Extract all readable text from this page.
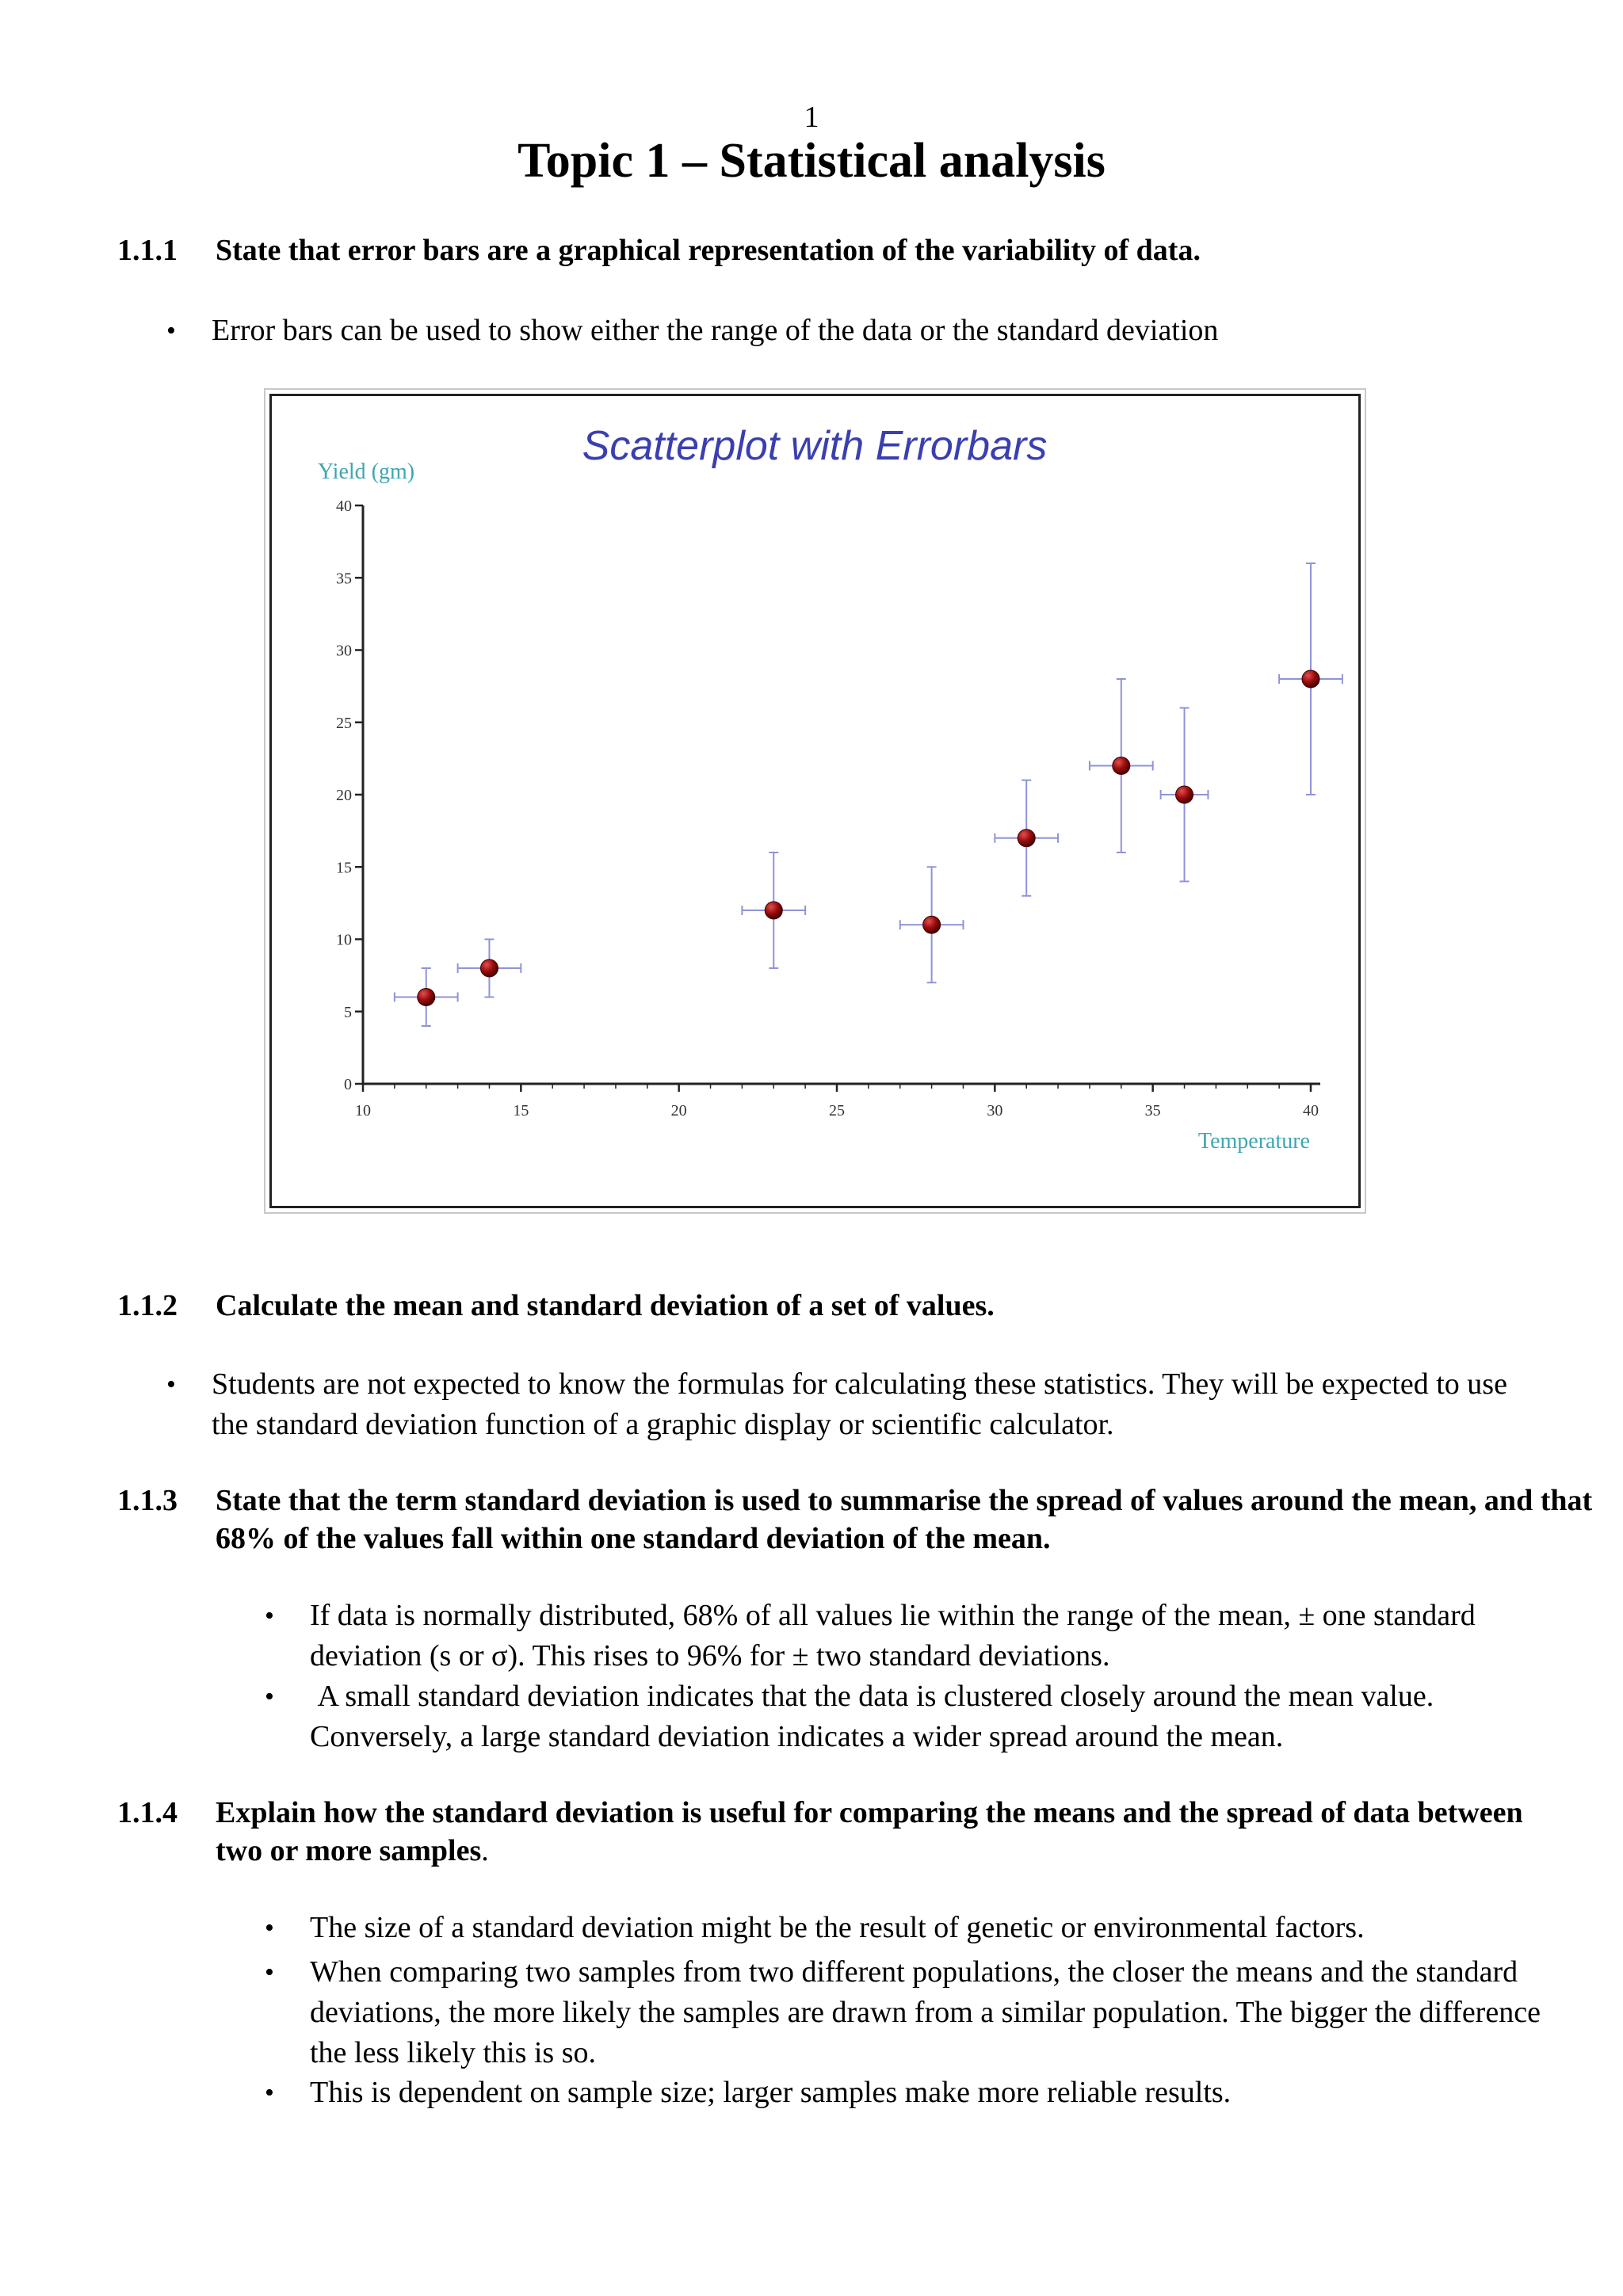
1
Topic 1 – Statistical analysis
1.1.1	State that error bars are a graphical representation of the variability of data.
• Error bars can be used to show either the range of the data or the standard deviation
Scatterplot with Errorbars
Yield (gm)
Temperature
10	15	20	25	30	35	40
0
5
10
15
20
25
30
35
40
1.1.2	Calculate the mean and standard deviation of a set of values.
• Students are not expected to know the formulas for calculating these statistics. They will be expected to use the standard deviation function of a graphic display or scientific calculator.
1.1.3	State that the term standard deviation is used to summarise the spread of values around the mean, and that 68% of the values fall within one standard deviation of the mean.
• If data is normally distributed, 68% of all values lie within the range of the mean, ± one standard deviation (s or σ). This rises to 96% for ± two standard deviations.
• A small standard deviation indicates that the data is clustered closely around the mean value. Conversely, a large standard deviation indicates a wider spread around the mean.
1.1.4	Explain how the standard deviation is useful for comparing the means and the spread of data between two or more samples.
• The size of a standard deviation might be the result of genetic or environmental factors.
• When comparing two samples from two different populations, the closer the means and the standard deviations, the more likely the samples are drawn from a similar population. The bigger the difference the less likely this is so.
• This is dependent on sample size; larger samples make more reliable results.
